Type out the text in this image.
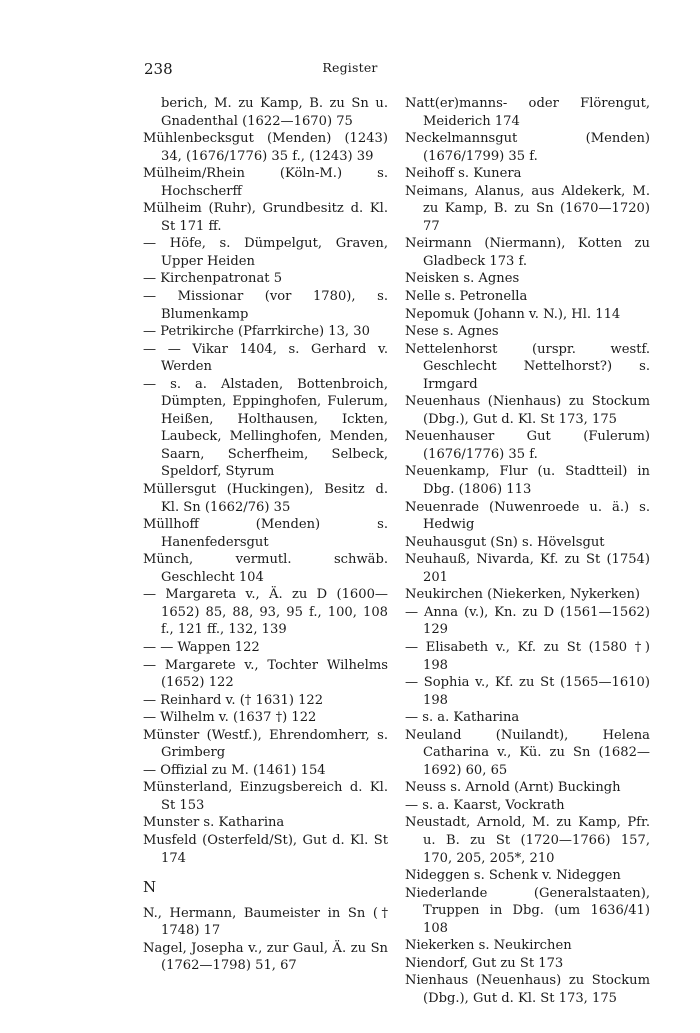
238	Register
berich, M. zu Kamp, B. zu Sn u. Gnadenthal (1622—1670) 75
Mühlenbecksgut (Menden) (1243) 34, (1676/1776) 35 f., (1243) 39
Mülheim/Rhein (Köln-M.) s. Hochscherff
Mülheim (Ruhr), Grundbesitz d. Kl. St 171 ff.
— Höfe, s. Dümpelgut, Graven, Upper Heiden
— Kirchenpatronat 5
— Missionar (vor 1780), s. Blumenkamp
— Petrikirche (Pfarrkirche) 13, 30
— — Vikar 1404, s. Gerhard v. Werden
— s. a. Alstaden, Bottenbroich, Dümpten, Eppinghofen, Fulerum, Heißen, Holthausen, Ickten, Laubeck, Mellinghofen, Menden, Saarn, Scherfheim, Selbeck, Speldorf, Styrum
Müllersgut (Huckingen), Besitz d. Kl. Sn (1662/76) 35
Müllhoff (Menden) s. Hanenfedersgut
Münch, vermutl. schwäb. Geschlecht 104
— Margareta v., Ä. zu D (1600—1652) 85, 88, 93, 95 f., 100, 108 f., 121 ff., 132, 139
— — Wappen 122
— Margarete v., Tochter Wilhelms (1652) 122
— Reinhard v. († 1631) 122
— Wilhelm v. (1637 †) 122
Münster (Westf.), Ehrendomherr, s. Grimberg
— Offizial zu M. (1461) 154
Münsterland, Einzugsbereich d. Kl. St 153
Munster s. Katharina
Musfeld (Osterfeld/St), Gut d. Kl. St 174
N
N., Hermann, Baumeister in Sn († 1748) 17
Nagel, Josepha v., zur Gaul, Ä. zu Sn (1762—1798) 51, 67
Natt(er)manns- oder Flörengut, Meiderich 174
Neckelmannsgut (Menden) (1676/1799) 35 f.
Neihoff s. Kunera
Neimans, Alanus, aus Aldekerk, M. zu Kamp, B. zu Sn (1670—1720) 77
Neirmann (Niermann), Kotten zu Gladbeck 173 f.
Neisken s. Agnes
Nelle s. Petronella
Nepomuk (Johann v. N.), Hl. 114
Nese s. Agnes
Nettelenhorst (urspr. westf. Geschlecht Nettelhorst?) s. Irmgard
Neuenhaus (Nienhaus) zu Stockum (Dbg.), Gut d. Kl. St 173, 175
Neuenhauser Gut (Fulerum) (1676/1776) 35 f.
Neuenkamp, Flur (u. Stadtteil) in Dbg. (1806) 113
Neuenrade (Nuwenroede u. ä.) s. Hedwig
Neuhausgut (Sn) s. Hövelsgut
Neuhauß, Nivarda, Kf. zu St (1754) 201
Neukirchen (Niekerken, Nykerken)
— Anna (v.), Kn. zu D (1561—1562) 129
— Elisabeth v., Kf. zu St (1580 †) 198
— Sophia v., Kf. zu St (1565—1610) 198
— s. a. Katharina
Neuland (Nuilandt), Helena Catharina v., Kü. zu Sn (1682—1692) 60, 65
Neuss s. Arnold (Arnt) Buckingh
— s. a. Kaarst, Vockrath
Neustadt, Arnold, M. zu Kamp, Pfr. u. B. zu St (1720—1766) 157, 170, 205, 205*, 210
Nideggen s. Schenk v. Nideggen
Niederlande (Generalstaaten), Truppen in Dbg. (um 1636/41) 108
Niekerken s. Neukirchen
Niendorf, Gut zu St 173
Nienhaus (Neuenhaus) zu Stockum (Dbg.), Gut d. Kl. St 173, 175
